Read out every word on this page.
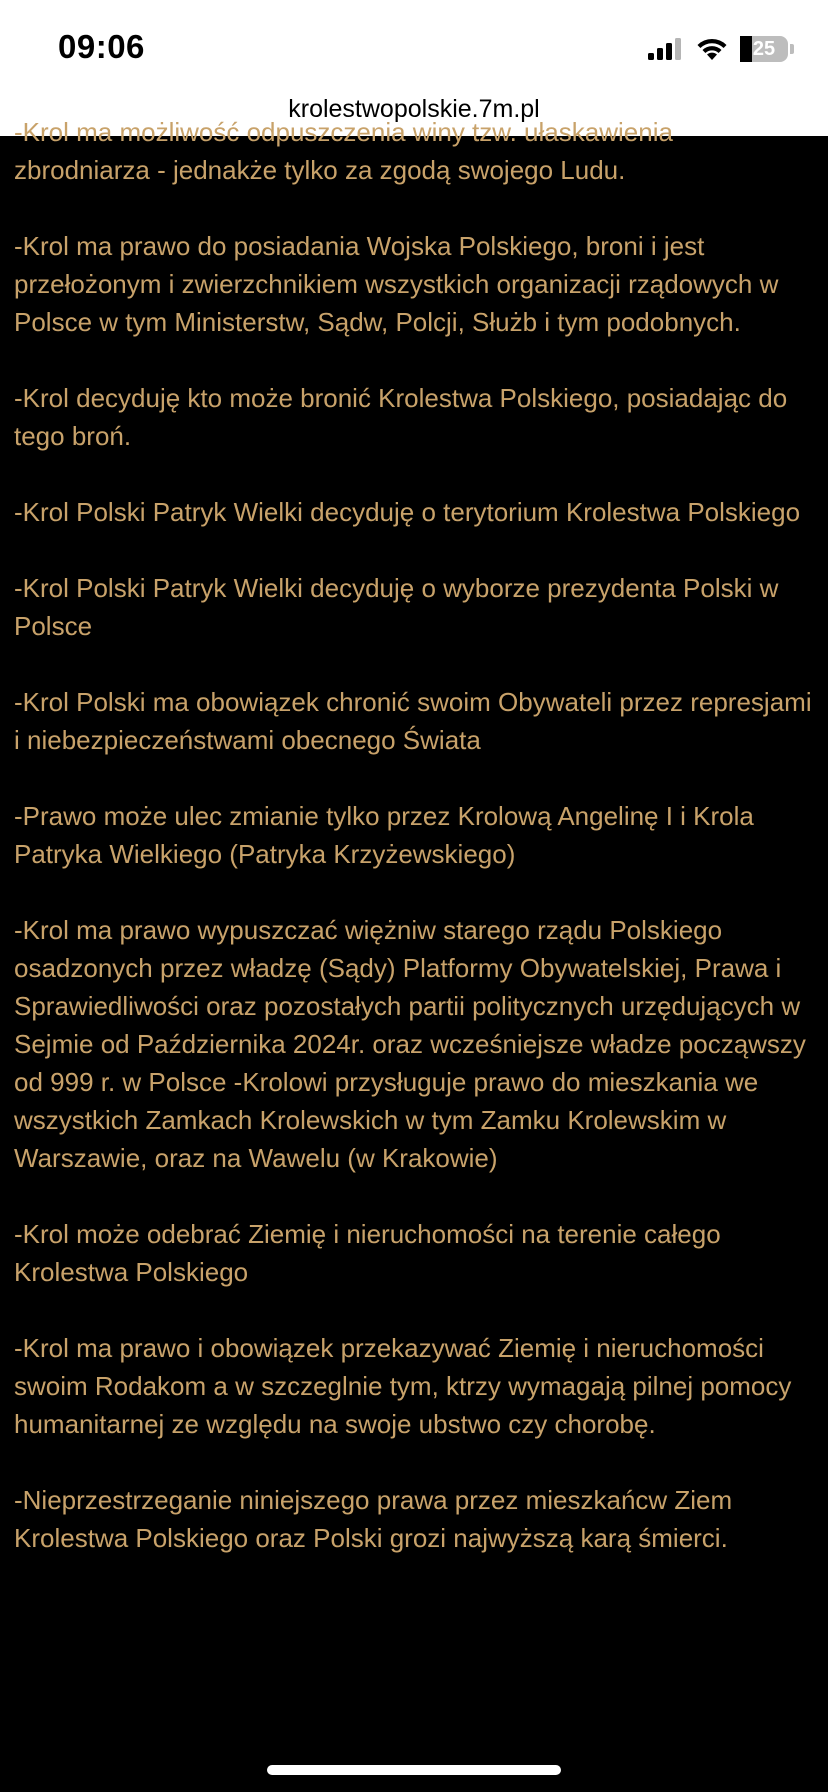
09:06	25
krolestwopolskie.7m.pl

-Krol ma możliwość odpuszczenia winy tzw. ułaskawienia zbrodniarza - jednakże tylko za zgodą swojego Ludu.

-Krol ma prawo do posiadania Wojska Polskiego, broni i jest przełożonym i zwierzchnikiem wszystkich organizacji rządowych w Polsce w tym Ministerstw, Sądw, Polcji, Służb i tym podobnych.

-Krol decyduję kto może bronić Krolestwa Polskiego, posiadając do tego broń.

-Krol Polski Patryk Wielki decyduję o terytorium Krolestwa Polskiego

-Krol Polski Patryk Wielki decyduję o wyborze prezydenta Polski w Polsce

-Krol Polski ma obowiązek chronić swoim Obywateli przez represjami i niebezpieczeństwami obecnego Świata

-Prawo może ulec zmianie tylko przez Krolową Angelinę I i Krola Patryka Wielkiego (Patryka Krzyżewskiego)

-Krol ma prawo wypuszczać więżniw starego rządu Polskiego osadzonych przez władzę (Sądy) Platformy Obywatelskiej, Prawa i Sprawiedliwości oraz pozostałych partii politycznych urzędujących w Sejmie od Października 2024r. oraz wcześniejsze władze począwszy od 999 r. w Polsce -Krolowi przysługuje prawo do mieszkania we wszystkich Zamkach Krolewskich w tym Zamku Krolewskim w Warszawie, oraz na Wawelu (w Krakowie)

-Krol może odebrać Ziemię i nieruchomości na terenie całego Krolestwa Polskiego

-Krol ma prawo i obowiązek przekazywać Ziemię i nieruchomości swoim Rodakom a w szczeglnie tym, ktrzy wymagają pilnej pomocy humanitarnej ze względu na swoje ubstwo czy chorobę.

-Nieprzestrzeganie niniejszego prawa przez mieszkańcw Ziem Krolestwa Polskiego oraz Polski grozi najwyższą karą śmierci.
